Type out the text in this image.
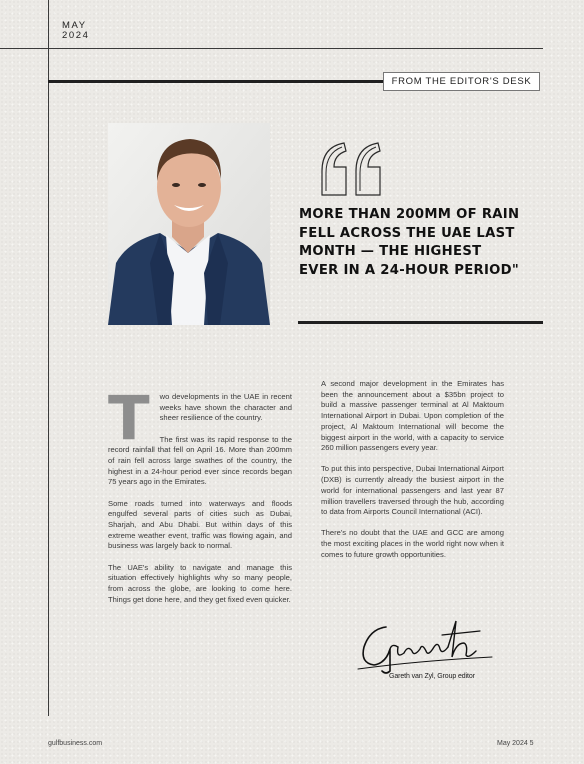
MAY
2024
FROM THE EDITOR'S DESK

MORE THAN 200MM OF RAIN FELL ACROSS THE UAE LAST MONTH — THE HIGHEST EVER IN A 24-HOUR PERIOD"

T wo developments in the UAE in recent weeks have shown the character and sheer resilience of the country.

The first was its rapid response to the record rainfall that fell on April 16. More than 200mm of rain fell across large swathes of the country, the highest in a 24-hour period ever since records began 75 years ago in the Emirates.

Some roads turned into waterways and floods engulfed several parts of cities such as Dubai, Sharjah, and Abu Dhabi. But within days of this extreme weather event, traffic was flowing again, and business was largely back to normal.

The UAE's ability to navigate and manage this situation effectively highlights why so many people, from across the globe, are looking to come here. Things get done here, and they get fixed even quicker.

A second major development in the Emirates has been the announcement about a $35bn project to build a massive passenger terminal at Al Maktoum International Airport in Dubai. Upon completion of the project, Al Maktoum International will become the biggest airport in the world, with a capacity to service 260 million passengers every year.

To put this into perspective, Dubai International Airport (DXB) is currently already the busiest airport in the world for international passengers and last year 87 million travellers traversed through the hub, according to data from Airports Council International (ACI).

There's no doubt that the UAE and GCC are among the most exciting places in the world right now when it comes to future growth opportunities.

Gareth van Zyl, Group editor
gulfbusiness.com	May 2024 5
